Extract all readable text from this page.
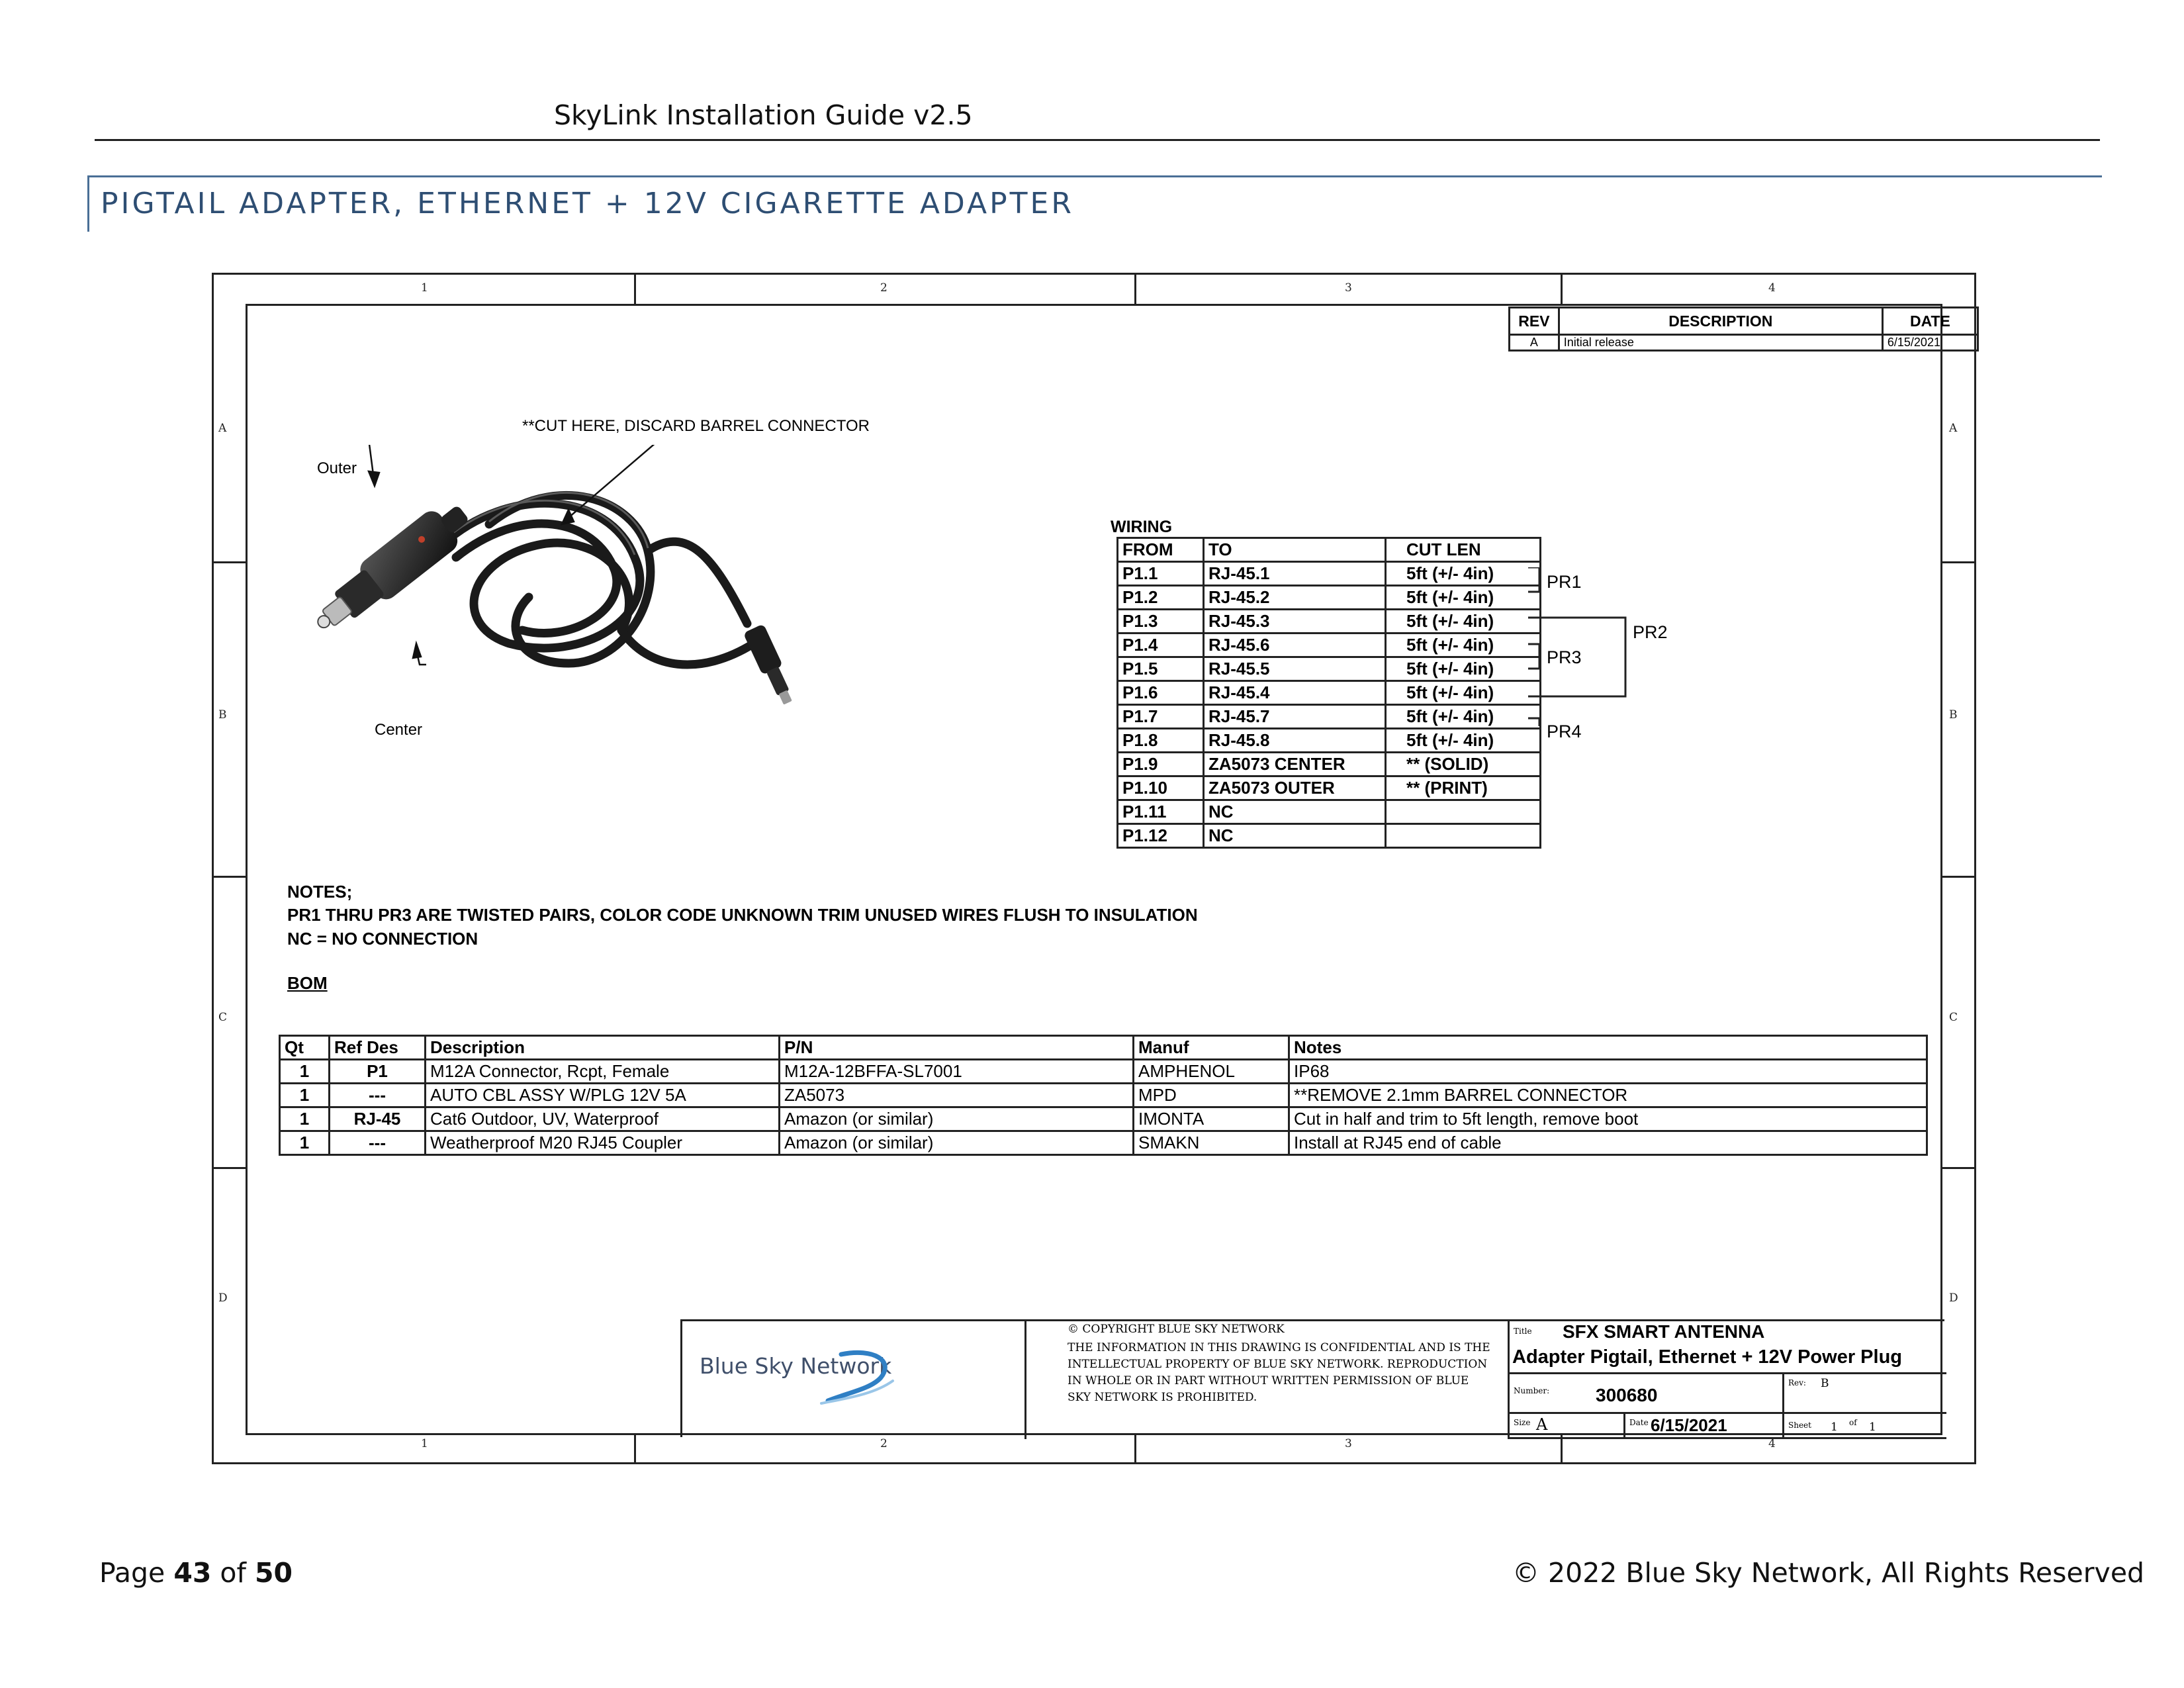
SkyLink Installation Guide v2.5
PIGTAIL ADAPTER, ETHERNET + 12V CIGARETTE ADAPTER
1	2	3	4
1	2	3	4
A
B
C
D
A
B
C
D
REV	DESCRIPTION	DATE
A	Initial release	6/15/2021
**CUT HERE, DISCARD BARREL CONNECTOR
Outer
Center
WIRING
FROM	TO	CUT LEN
P1.1	RJ-45.1	5ft (+/- 4in)
P1.2	RJ-45.2	5ft (+/- 4in)
P1.3	RJ-45.3	5ft (+/- 4in)
P1.4	RJ-45.6	5ft (+/- 4in)
P1.5	RJ-45.5	5ft (+/- 4in)
P1.6	RJ-45.4	5ft (+/- 4in)
P1.7	RJ-45.7	5ft (+/- 4in)
P1.8	RJ-45.8	5ft (+/- 4in)
P1.9	ZA5073 CENTER	** (SOLID)
P1.10	ZA5073 OUTER	** (PRINT)
P1.11	NC	
P1.12	NC	
PR1
PR2
PR3
PR4
NOTES;
PR1 THRU PR3 ARE TWISTED PAIRS, COLOR CODE UNKNOWN TRIM UNUSED WIRES FLUSH TO INSULATION
NC = NO CONNECTION
BOM
Qt	Ref Des	Description	P/N	Manuf	Notes
1	P1	M12A Connector, Rcpt, Female	M12A-12BFFA-SL7001	AMPHENOL	IP68
1	---	AUTO CBL ASSY W/PLG 12V 5A	ZA5073	MPD	**REMOVE 2.1mm BARREL CONNECTOR
1	RJ-45	Cat6 Outdoor, UV, Waterproof	Amazon (or similar)	IMONTA	Cut in half and trim to 5ft length, remove boot
1	---	Weatherproof M20 RJ45 Coupler	Amazon (or similar)	SMAKN	Install at RJ45 end of cable
Blue Sky Network
© COPYRIGHT BLUE SKY NETWORK
THE INFORMATION IN THIS DRAWING IS CONFIDENTIAL AND IS THE
INTELLECTUAL PROPERTY OF BLUE SKY NETWORK. REPRODUCTION
IN WHOLE OR IN PART WITHOUT WRITTEN PERMISSION OF BLUE
SKY NETWORK IS PROHIBITED.
Title SFX SMART ANTENNA
Adapter Pigtail, Ethernet + 12V Power Plug
Number: 300680
Rev: B
Size A	Date 6/15/2021	Sheet 1 of 1
Page 43 of 50	© 2022 Blue Sky Network, All Rights Reserved
